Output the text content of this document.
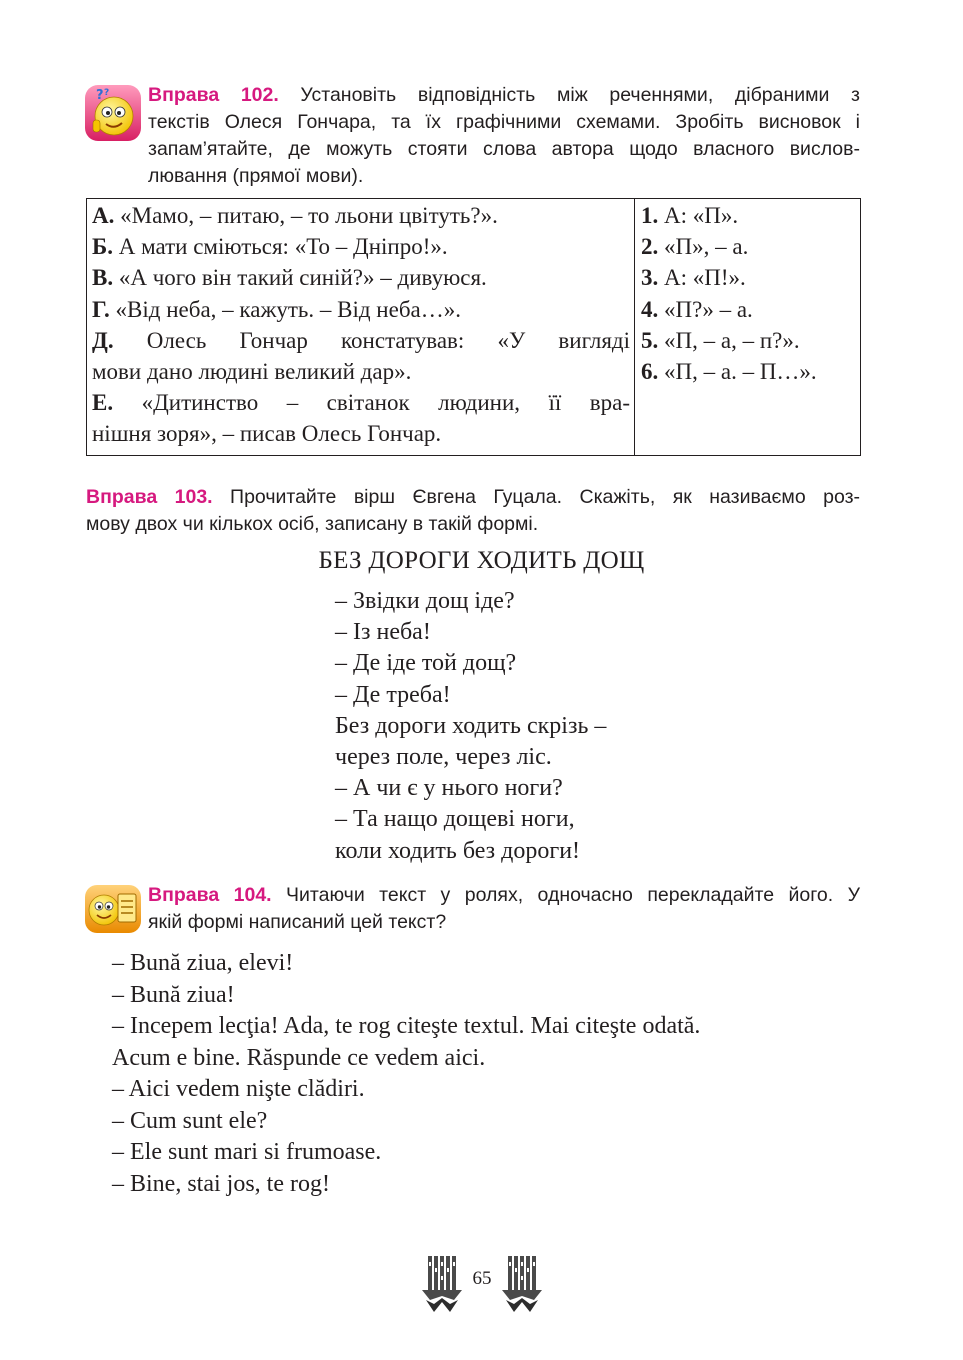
? ? Вправа 102. Установіть відповідність між реченнями, дібраними з

текстів Олеся Гончара, та їх графічними схемами. Зробіть висновок і

запам’ятайте, де можуть стояти слова автора щодо власного вислов-

лювання (прямої мови).

А. «Мамо, – питаю, – то льони цвітуть?».
Б. А мати сміються: «То – Дніпро!».
В. «А чого він такий синій?» – дивуюся.
Г. «Від неба, – кажуть. – Від неба…».
Д. Олесь Гончар констатував: «У вигляді
мови дано людині великий дар».
Е. «Дитинство – світанок людини, її вра-
нішня зоря», – писав Олесь Гончар.
1. А: «П».
2. «П», – а.
3. А: «П!».
4. «П?» – а.
5. «П, – а, – п?».
6. «П, – а. – П…».

Вправа 103. Прочитайте вірш Євгена Гуцала. Скажіть, як називаємо роз-

мову двох чи кількох осіб, записану в такій формі.

БЕЗ ДОРОГИ ХОДИТЬ ДОЩ
– Звідки дощ іде?
– Із неба!
– Де іде той дощ?
– Де треба!
Без дороги ходить скрізь –
через поле, через ліс.
– А чи є у нього ноги?
– Та нащо дощеві ноги,
коли ходить без дороги!

Вправа 104. Читаючи текст у ролях, одночасно перекладайте його. У

якій формі написаний цей текст?

– Bună ziua, elevi!
– Bună ziua!
– Incepem lecţia! Ada, te rog citeşte textul. Mai citeşte odată.
Acum e bine. Răspunde ce vedem aici.
– Aici vedem nişte clădiri.
– Cum sunt ele?
– Ele sunt mari si frumoase.
– Bine, stai jos, te rog!
65
